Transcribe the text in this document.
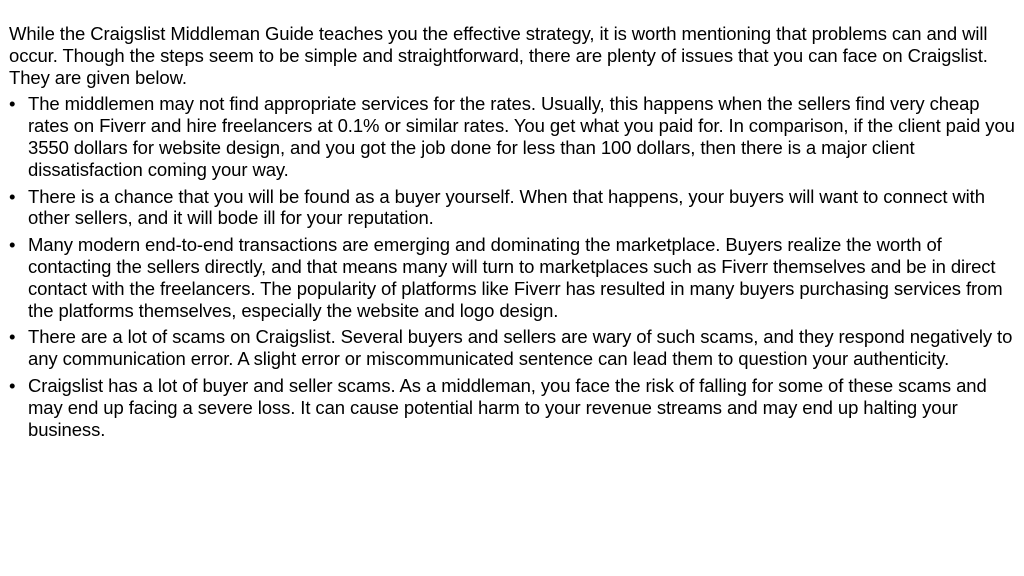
While the Craigslist Middleman Guide teaches you the effective strategy, it is worth mentioning that problems can and will occur. Though the steps seem to be simple and straightforward, there are plenty of issues that you can face on Craigslist. They are given below.

• The middlemen may not find appropriate services for the rates. Usually, this happens when the sellers find very cheap rates on Fiverr and hire freelancers at 0.1% or similar rates. You get what you paid for. In comparison, if the client paid you 3550 dollars for website design, and you got the job done for less than 100 dollars, then there is a major client dissatisfaction coming your way.
• There is a chance that you will be found as a buyer yourself. When that happens, your buyers will want to connect with other sellers, and it will bode ill for your reputation.
• Many modern end-to-end transactions are emerging and dominating the marketplace. Buyers realize the worth of contacting the sellers directly, and that means many will turn to marketplaces such as Fiverr themselves and be in direct contact with the freelancers. The popularity of platforms like Fiverr has resulted in many buyers purchasing services from the platforms themselves, especially the website and logo design.
• There are a lot of scams on Craigslist. Several buyers and sellers are wary of such scams, and they respond negatively to any communication error. A slight error or miscommunicated sentence can lead them to question your authenticity.
• Craigslist has a lot of buyer and seller scams. As a middleman, you face the risk of falling for some of these scams and may end up facing a severe loss. It can cause potential harm to your revenue streams and may end up halting your business.
